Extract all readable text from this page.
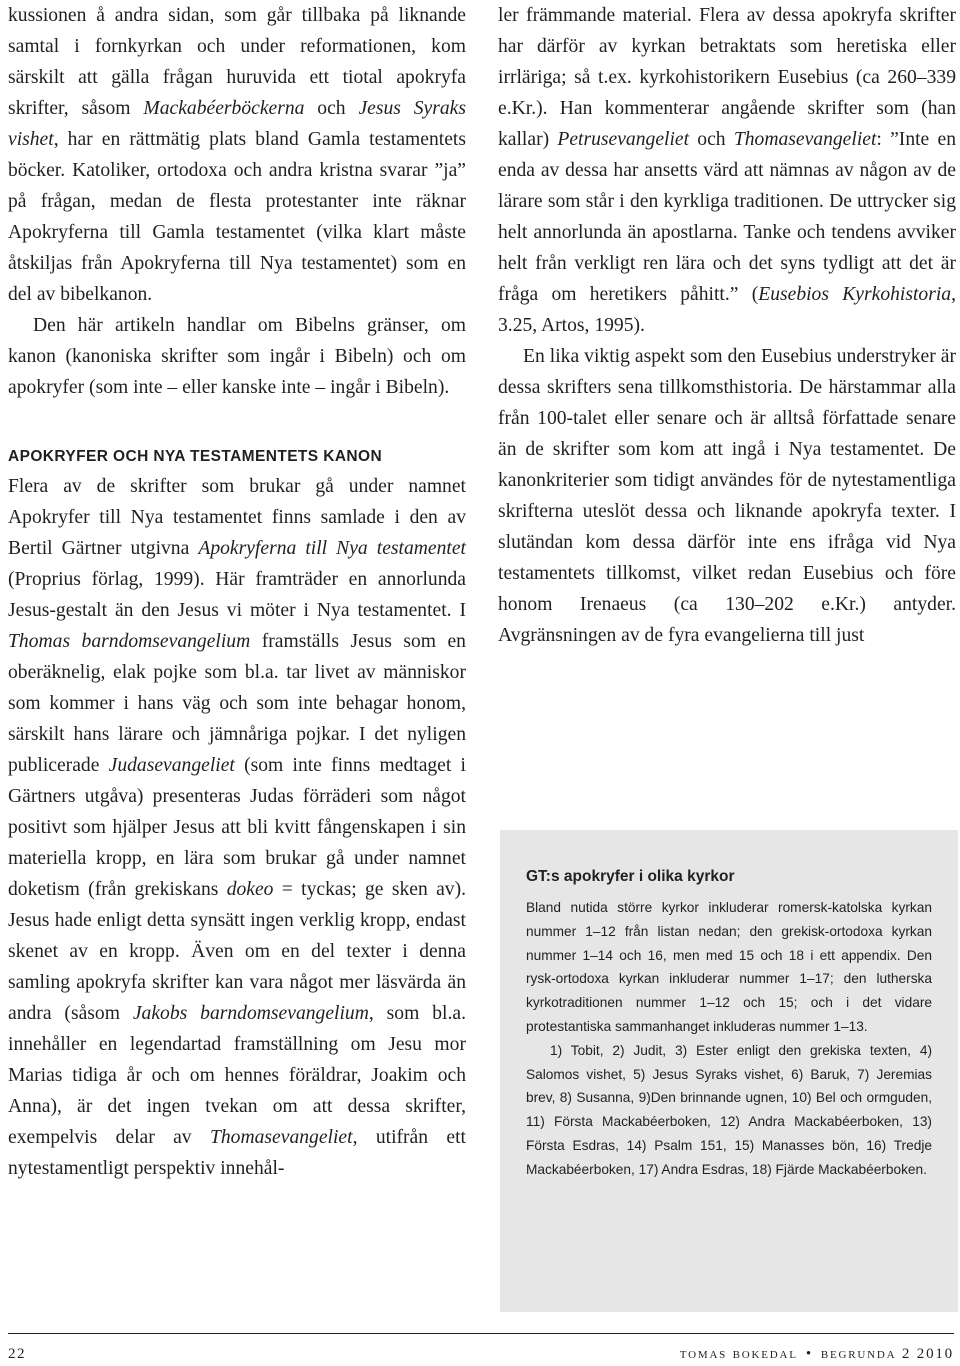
kussionen å andra sidan, som går tillbaka på liknande samtal i fornkyrkan och under reformationen, kom särskilt att gälla frågan huruvida ett tiotal apokryfa skrifter, såsom Mackabéerböckerna och Jesus Syraks vishet, har en rättmätig plats bland Gamla testamentets böcker. Katoliker, ortodoxa och andra kristna svarar ”ja” på frågan, medan de flesta protestanter inte räknar Apokryferna till Gamla testamentet (vilka klart måste åtskiljas från Apokryferna till Nya testamentet) som en del av bibelkanon.

Den här artikeln handlar om Bibelns gränser, om kanon (kanoniska skrifter som ingår i Bibeln) och om apokryfer (som inte – eller kanske inte – ingår i Bibeln).

APOKRYFER OCH NYA TESTAMENTETS KANON

Flera av de skrifter som brukar gå under namnet Apokryfer till Nya testamentet finns samlade i den av Bertil Gärtner utgivna Apokryferna till Nya testamentet (Proprius förlag, 1999). Här framträder en annorlunda Jesus-gestalt än den Jesus vi möter i Nya testamentet. I Thomas barndomsevangelium framställs Jesus som en oberäknelig, elak pojke som bl.a. tar livet av människor som kommer i hans väg och som inte behagar honom, särskilt hans lärare och jämnåriga pojkar. I det nyligen publicerade Judasevangeliet (som inte finns medtaget i Gärtners utgåva) presenteras Judas förräderi som något positivt som hjälper Jesus att bli kvitt fångenskapen i sin materiella kropp, en lära som brukar gå under namnet doketism (från grekiskans dokeo = tyckas; ge sken av). Jesus hade enligt detta synsätt ingen verklig kropp, endast skenet av en kropp. Även om en del texter i denna samling apokryfa skrifter kan vara något mer läsvärda än andra (såsom Jakobs barndomsevangelium, som bl.a. innehåller en legendartad framställning om Jesu mor Marias tidiga år och om hennes föräldrar, Joakim och Anna), är det ingen tvekan om att dessa skrifter, exempelvis delar av Thomasevangeliet, utifrån ett nytestamentligt perspektiv innehål-

ler främmande material. Flera av dessa apokryfa skrifter har därför av kyrkan betraktats som heretiska eller irrläriga; så t.ex. kyrkohistorikern Eusebius (ca 260–339 e.Kr.). Han kommenterar angående skrifter som (han kallar) Petrusevangeliet och Thomasevangeliet: ”Inte en enda av dessa har ansetts värd att nämnas av någon av de lärare som står i den kyrkliga traditionen. De uttrycker sig helt annorlunda än apostlarna. Tanke och tendens avviker helt från verkligt ren lära och det syns tydligt att det är fråga om heretikers påhitt.” (Eusebios Kyrkohistoria, 3.25, Artos, 1995).

En lika viktig aspekt som den Eusebius understryker är dessa skrifters sena tillkomsthistoria. De härstammar alla från 100-talet eller senare och är alltså författade senare än de skrifter som kom att ingå i Nya testamentet. De kanonkriterier som tidigt användes för de nytestamentliga skrifterna uteslöt dessa och liknande apokryfa texter. I slutändan kom dessa därför inte ens ifråga vid Nya testamentets tillkomst, vilket redan Eusebius och före honom Irenaeus (ca 130–202 e.Kr.) antyder. Avgränsningen av de fyra evangelierna till just

GT:s apokryfer i olika kyrkor

Bland nutida större kyrkor inkluderar romersk-katolska kyrkan nummer 1–12 från listan nedan; den grekisk-ortodoxa kyrkan nummer 1–14 och 16, men med 15 och 18 i ett appendix. Den rysk-ortodoxa kyrkan inkluderar nummer 1–17; den lutherska kyrkotraditionen nummer 1–12 och 15; och i det vidare protestantiska sammanhanget inkluderas nummer 1–13.

1) Tobit, 2) Judit, 3) Ester enligt den grekiska texten, 4) Salomos vishet, 5) Jesus Syraks vishet, 6) Baruk, 7) Jeremias brev, 8) Susanna, 9)Den brinnande ugnen, 10) Bel och ormguden, 11) Första Mackabéerboken, 12) Andra Mackabéerboken, 13) Första Esdras, 14) Psalm 151, 15) Manasses bön, 16) Tredje Mackabéerboken, 17) Andra Esdras, 18) Fjärde Mackabéerboken.

22	tomas bokedal • begrunda 2 2010
